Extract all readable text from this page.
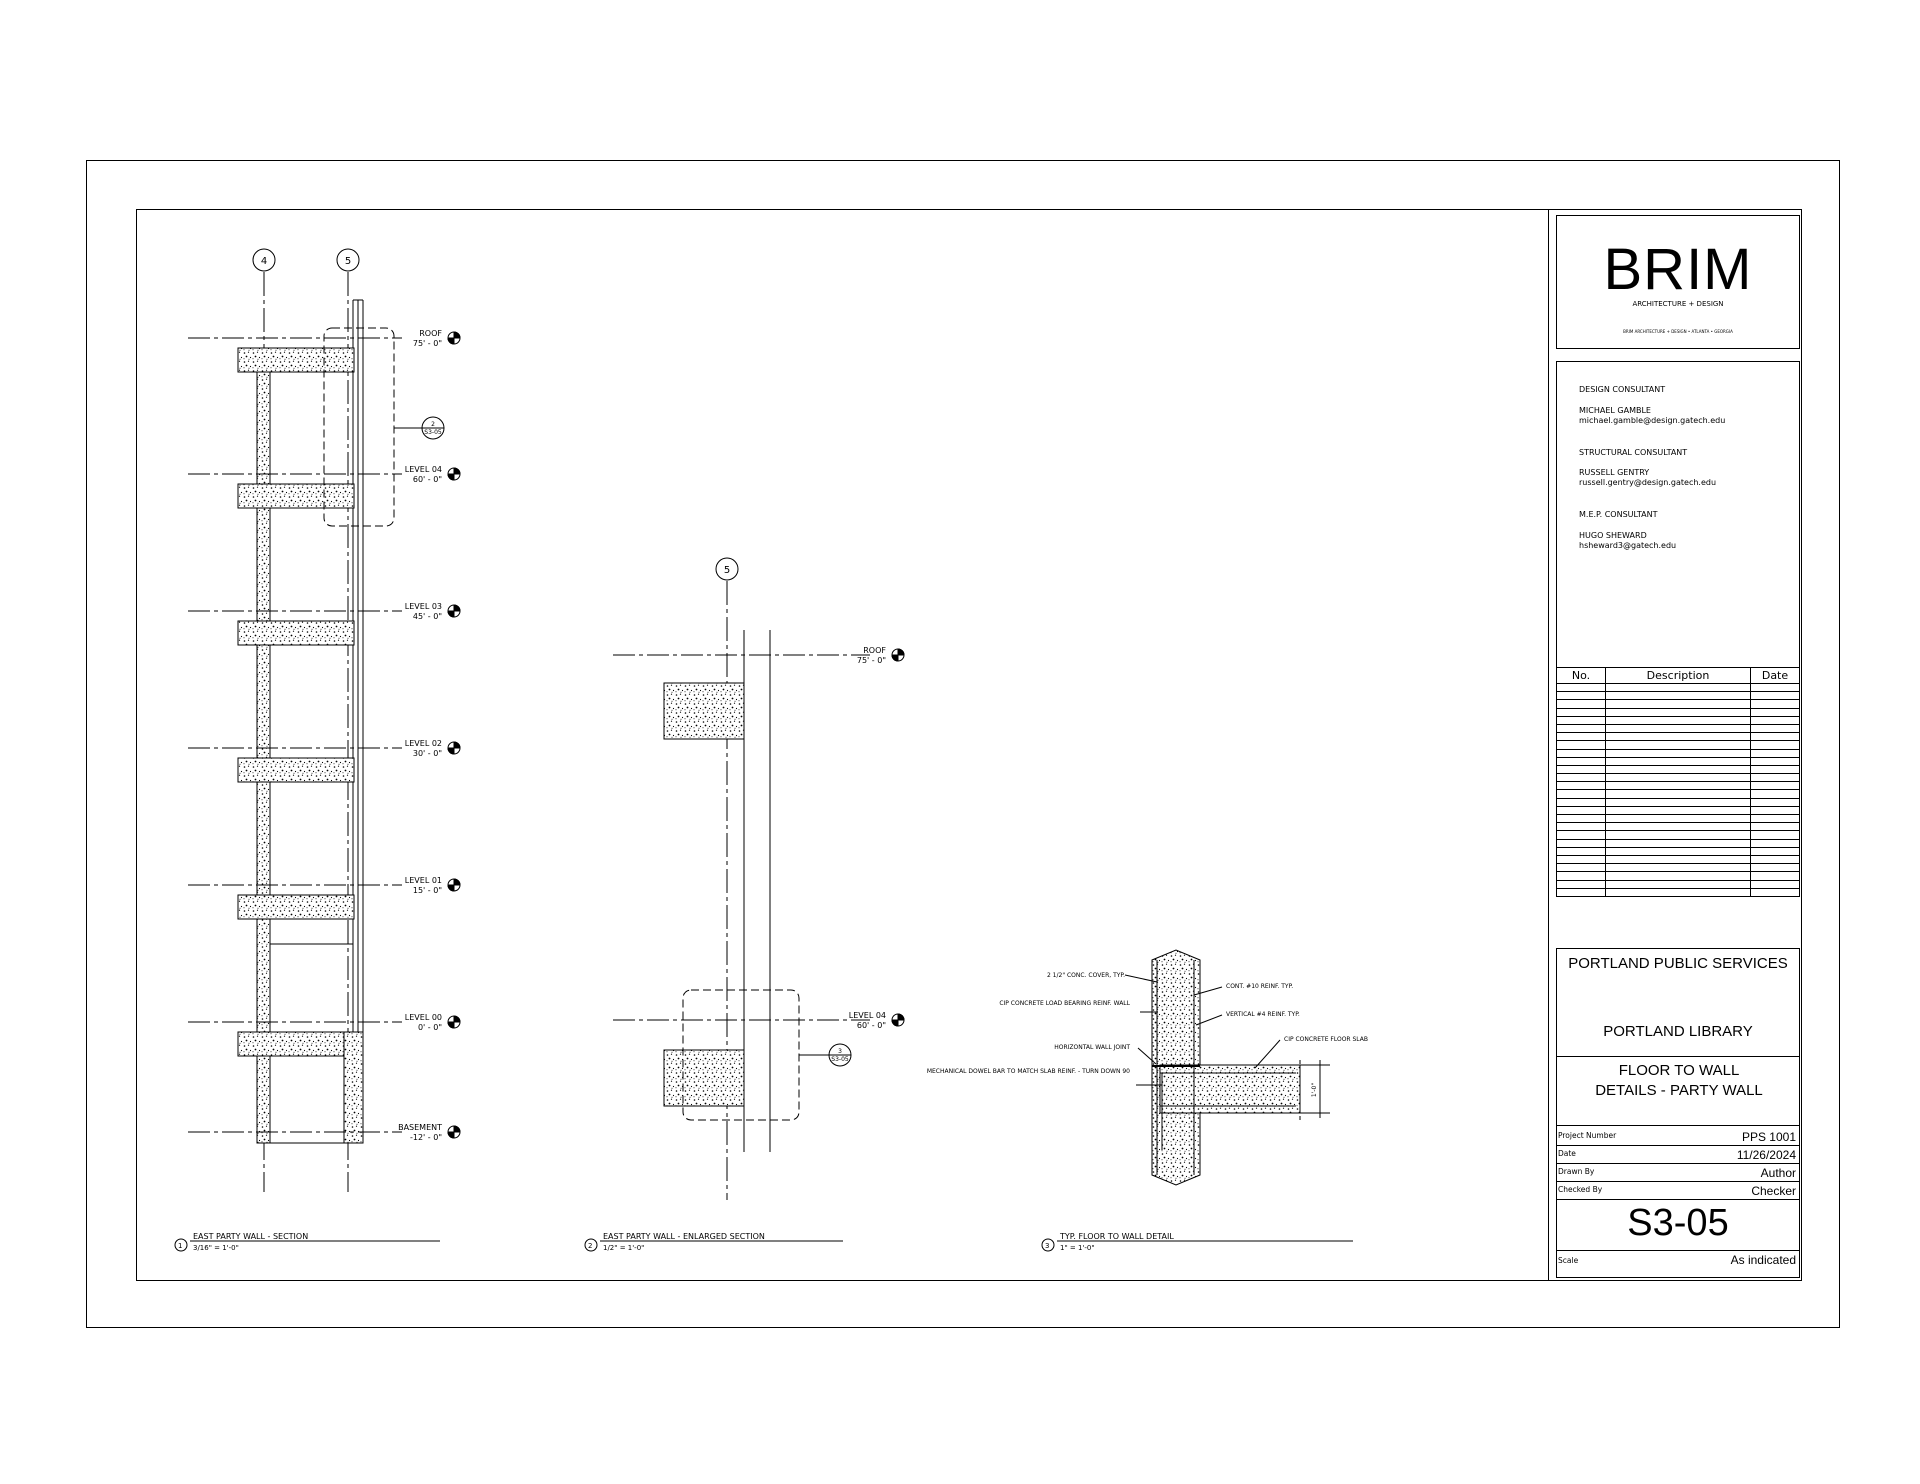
BRIM
ARCHITECTURE + DESIGN
BRIM ARCHITECTURE + DESIGN • ATLANTA • GEORGIA
DESIGN CONSULTANT
MICHAEL GAMBLE
michael.gamble@design.gatech.edu
STRUCTURAL CONSULTANT
RUSSELL GENTRY
russell.gentry@design.gatech.edu
M.E.P. CONSULTANT
HUGO SHEWARD
hsheward3@gatech.edu
No.	Description	Date

PORTLAND PUBLIC SERVICES
PORTLAND LIBRARY
FLOOR TO WALL DETAILS - PARTY WALL
Project Number	PPS 1001
Date	11/26/2024
Drawn By	Author
Checked By	Checker
S3-05
Scale	As indicated
4	5
5
2
S3-05
3
S3-05
ROOF
75' - 0"
LEVEL 04
60' - 0"
LEVEL 03
45' - 0"
LEVEL 02
30' - 0"
LEVEL 01
15' - 0"
LEVEL 00
0' - 0"
BASEMENT
-12' - 0"
ROOF
75' - 0"
LEVEL 04
60' - 0"
2 1/2" CONC. COVER, TYP.
CIP CONCRETE LOAD BEARING REINF. WALL
HORIZONTAL WALL JOINT
MECHANICAL DOWEL BAR TO MATCH SLAB REINF. - TURN DOWN 90
CONT. #10 REINF. TYP.
VERTICAL #4 REINF. TYP.
CIP CONCRETE FLOOR SLAB
1'-0"
1
EAST PARTY WALL - SECTION
3/16" = 1'-0"	2
EAST PARTY WALL - ENLARGED SECTION
1/2" = 1'-0"	3
TYP. FLOOR TO WALL DETAIL
1" = 1'-0"
